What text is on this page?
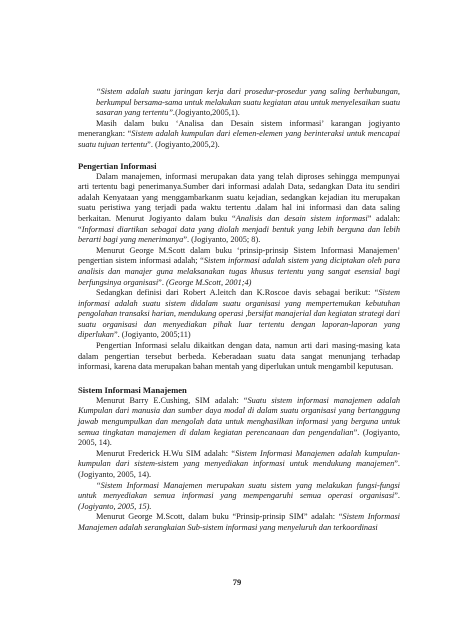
“Sistem adalah suatu jaringan kerja dari prosedur-prosedur yang saling berhubungan, berkumpul bersama-sama untuk melakukan suatu kegiatan atau untuk menyelesaikan suatu sasaran yang tertentu”.(Jogiyanto,2005,1).

Masih dalam buku ‘Analisa dan Desain sistem informasi’ karangan jogiyanto menerangkan: “Sistem adalah kumpulan dari elemen-elemen yang berinteraksi untuk mencapai suatu tujuan tertentu”. (Jogiyanto,2005,2).

Pengertian Informasi

Dalam manajemen, informasi merupakan data yang telah diproses sehingga mempunyai arti tertentu bagi penerimanya.Sumber dari informasi adalah Data, sedangkan Data itu sendiri adalah Kenyataan yang menggambarkanm suatu kejadian, sedangkan kejadian itu merupakan suatu peristiwa yang terjadi pada waktu tertentu .dalam hal ini informasi dan data saling berkaitan. Menurut Jogiyanto dalam buku “Analisis dan desain sistem informasi” adalah: “Informasi diartikan sebagai data yang diolah menjadi bentuk yang lebih berguna dan lebih berarti bagi yang menerimanya”. (Jogiyanto, 2005; 8).

Menurut George M.Scott dalam buku ‘prinsip-prinsip Sistem Informasi Manajemen’ pengertian sistem informasi adalah; “Sistem informasi adalah sistem yang diciptakan oleh para analisis dan manajer guna melaksanakan tugas khusus tertentu yang sangat esensial bagi berfungsinya organisasi”. (George M.Scott, 2001;4)

Sedangkan definisi dari Robert A.leitch dan K.Roscoe davis sebagai berikut: “Sistem informasi adalah suatu sistem didalam suatu organisasi yang mempertemukan kebutuhan pengolahan transaksi harian, mendukung operasi ,bersifat manajerial dan kegiatan strategi dari suatu organisasi dan menyediakan pihak luar tertentu dengan laporan-laporan yang diperlukan”. (Jogiyanto, 2005;11)

Pengertian Informasi selalu dikaitkan dengan data, namun arti dari masing-masing kata dalam pengertian tersebut berbeda. Keberadaan suatu data sangat menunjang terhadap informasi, karena data merupakan bahan mentah yang diperlukan untuk mengambil keputusan.

Sistem Informasi Manajemen

Menurut Barry E.Cushing, SIM adalah: “Suatu sistem informasi manajemen adalah Kumpulan dari manusia dan sumber daya modal di dalam suatu organisasi yang bertanggung jawab mengumpulkan dan mengolah data untuk menghasilkan informasi yang berguna untuk semua tingkatan manajemen di dalam kegiatan perencanaan dan pengendalian”. (Jogiyanto, 2005, 14).

Menurut Frederick H.Wu SIM adalah: “Sistem Informasi Manajemen adalah kumpulan-kumpulan dari sistem-sistem yang menyediakan informasi untuk mendukung manajemen”. (Jogiyanto, 2005, 14).

“Sistem Informasi Manajemen merupakan suatu sistem yang melakukan fungsi-fungsi untuk menyediakan semua informasi yang mempengaruhi semua operasi organisasi”. (Jogiyanto, 2005, 15).

Menurut George M.Scott, dalam buku “Prinsip-prinsip SIM” adalah: “Sistem Informasi Manajemen adalah serangkaian Sub-sistem informasi yang menyeluruh dan terkoordinasi

79
